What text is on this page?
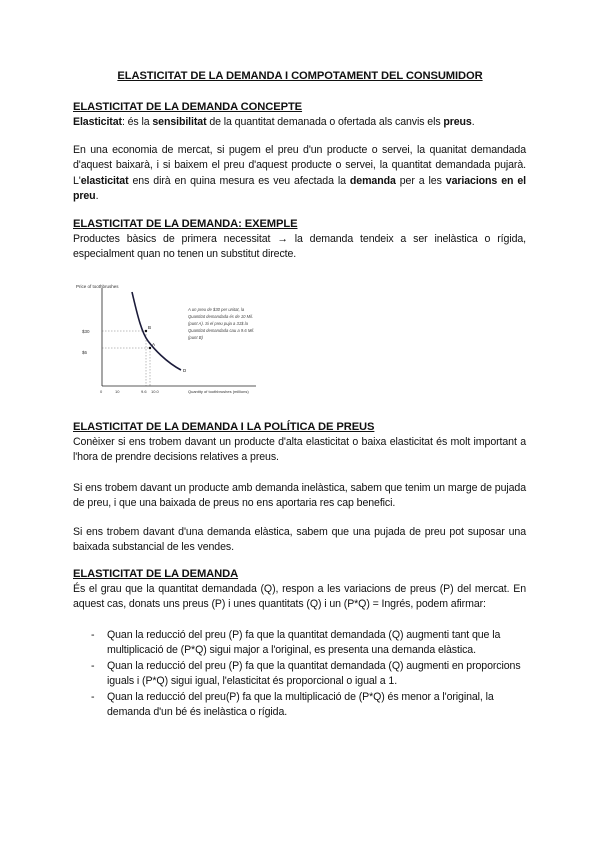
ELASTICITAT DE LA DEMANDA I COMPOTAMENT DEL CONSUMIDOR
ELASTICITAT DE LA DEMANDA CONCEPTE
Elasticitat: és la sensibilitat de la quantitat demanada o ofertada als canvis els preus.
En una economia de mercat, si pugem el preu d'un producte o servei, la quanitat demandada d'aquest baixarà, i si baixem el preu d'aquest producte o servei, la quantitat demandada pujarà. L'elasticitat ens dirà en quina mesura es veu afectada la demanda per a les variacions en el preu.
ELASTICITAT DE LA DEMANDA: EXEMPLE
Productes bàsics de primera necessitat → la demanda tendeix a ser inelàstica o rígida, especialment quan no tenen un substitut directe.
Price of toothbrushes
$30
$6
B
A
D
0	10	9.6 10.0	Quantity of toothbrushes (millions)
A un preu de $30 per unitat, la
Quantitat demandada és de 10 Mil.
(punt A). Si el preu puja a 31$ la
Quantitat demandada cau a 9.6 Mil.
(punt B)
ELASTICITAT DE LA DEMANDA I LA POLÍTICA DE PREUS
Conèixer si ens trobem davant un producte d'alta elasticitat o baixa elasticitat és molt important a l'hora de prendre decisions relatives a preus.
Si ens trobem davant un producte amb demanda inelàstica, sabem que tenim un marge de pujada de preu, i que una baixada de preus no ens aportaria res cap benefici.
Si ens trobem davant d'una demanda elàstica, sabem que una pujada de preu pot suposar una baixada substancial de les vendes.
ELASTICITAT DE LA DEMANDA
És el grau que la quantitat demandada (Q), respon a les variacions de preus (P) del mercat. En aquest cas, donats uns preus (P) i unes quantitats (Q) i un (P*Q) = Ingrés, podem afirmar:
- Quan la reducció del preu (P) fa que la quantitat demandada (Q) augmenti tant que la multiplicació de (P*Q) sigui major a l'original, es presenta una demanda elàstica.
- Quan la reducció del preu (P) fa que la quantitat demandada (Q) augmenti en proporcions iguals i (P*Q) sigui igual, l'elasticitat és proporcional o igual a 1.
- Quan la reducció del preu(P) fa que la multiplicació de (P*Q) és menor a l'original, la demanda d'un bé és inelàstica o rígida.
